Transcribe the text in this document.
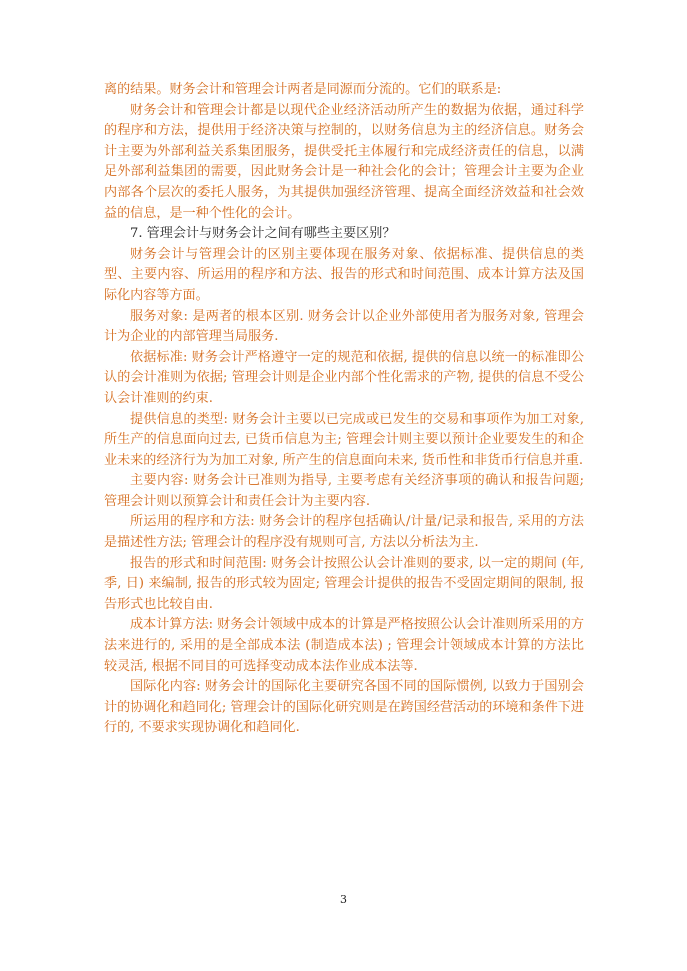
离的结果。财务会计和管理会计两者是同源而分流的。它们的联系是:

财务会计和管理会计都是以现代企业经济活动所产生的数据为依据，通过科学的程序和方法，提供用于经济决策与控制的，以财务信息为主的经济信息。财务会计主要为外部利益关系集团服务，提供受托主体履行和完成经济责任的信息，以满足外部利益集团的需要，因此财务会计是一种社会化的会计；管理会计主要为企业内部各个层次的委托人服务，为其提供加强经济管理、提高全面经济效益和社会效益的信息，是一种个性化的会计。

7. 管理会计与财务会计之间有哪些主要区别？

财务会计与管理会计的区别主要体现在服务对象、依据标准、提供信息的类型、主要内容、所运用的程序和方法、报告的形式和时间范围、成本计算方法及国际化内容等方面。

服务对象: 是两者的根本区别. 财务会计以企业外部使用者为服务对象, 管理会计为企业的内部管理当局服务.

依据标准: 财务会计严格遵守一定的规范和依据, 提供的信息以统一的标准即公认的会计准则为依据; 管理会计则是企业内部个性化需求的产物, 提供的信息不受公认会计准则的约束.

提供信息的类型: 财务会计主要以已完成或已发生的交易和事项作为加工对象, 所生产的信息面向过去, 已货币信息为主; 管理会计则主要以预计企业要发生的和企业未来的经济行为为加工对象, 所产生的信息面向未来, 货币性和非货币行信息并重.

主要内容: 财务会计已准则为指导, 主要考虑有关经济事项的确认和报告问题; 管理会计则以预算会计和责任会计为主要内容.

所运用的程序和方法: 财务会计的程序包括确认/计量/记录和报告, 采用的方法是描述性方法; 管理会计的程序没有规则可言, 方法以分析法为主.

报告的形式和时间范围: 财务会计按照公认会计准则的要求, 以一定的期间 (年, 季, 日) 来编制, 报告的形式较为固定; 管理会计提供的报告不受固定期间的限制, 报告形式也比较自由.

成本计算方法: 财务会计领域中成本的计算是严格按照公认会计准则所采用的方法来进行的, 采用的是全部成本法 (制造成本法) ; 管理会计领域成本计算的方法比较灵活, 根据不同目的可选择变动成本法作业成本法等.

国际化内容: 财务会计的国际化主要研究各国不同的国际惯例, 以致力于国别会计的协调化和趋同化; 管理会计的国际化研究则是在跨国经营活动的环境和条件下进行的, 不要求实现协调化和趋同化.

3
